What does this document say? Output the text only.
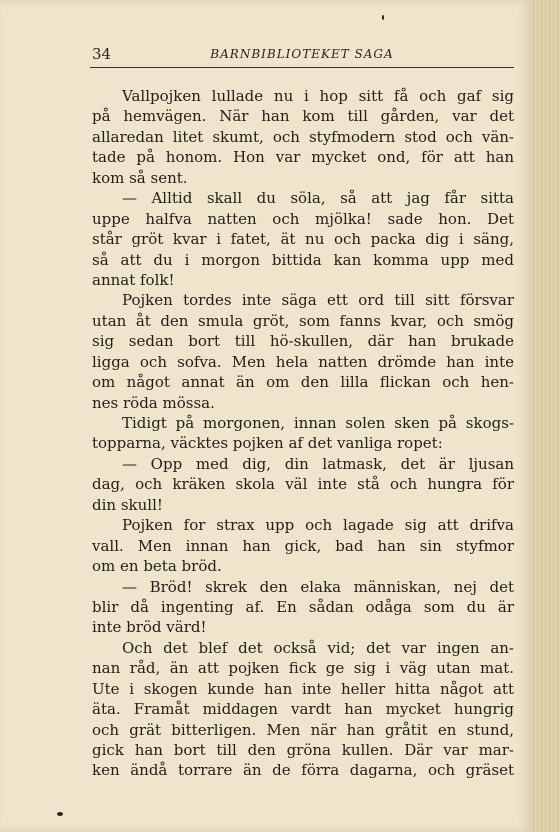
34	BARNBIBLIOTEKET SAGA
Vallpojken lullade nu i hop sitt få och gaf sig
på hemvägen. När han kom till gården, var det
allaredan litet skumt, och styfmodern stod och vän-
tade på honom. Hon var mycket ond, för att han
kom så sent.
— Alltid skall du söla, så att jag får sitta
uppe halfva natten och mjölka! sade hon. Det
står gröt kvar i fatet, ät nu och packa dig i säng,
så att du i morgon bittida kan komma upp med
annat folk!
Pojken tordes inte säga ett ord till sitt försvar
utan åt den smula gröt, som fanns kvar, och smög
sig sedan bort till hö-skullen, där han brukade
ligga och sofva. Men hela natten drömde han inte
om något annat än om den lilla flickan och hen-
nes röda mössa.
Tidigt på morgonen, innan solen sken på skogs-
topparna, väcktes pojken af det vanliga ropet:
— Opp med dig, din latmask, det är ljusan
dag, och kräken skola väl inte stå och hungra för
din skull!
Pojken for strax upp och lagade sig att drifva
vall. Men innan han gick, bad han sin styfmor
om en beta bröd.
— Bröd! skrek den elaka människan, nej det
blir då ingenting af. En sådan odåga som du är
inte bröd värd!
Och det blef det också vid; det var ingen an-
nan råd, än att pojken fick ge sig i väg utan mat.
Ute i skogen kunde han inte heller hitta något att
äta. Framåt middagen vardt han mycket hungrig
och grät bitterligen. Men när han gråtit en stund,
gick han bort till den gröna kullen. Där var mar-
ken ändå torrare än de förra dagarna, och gräset
